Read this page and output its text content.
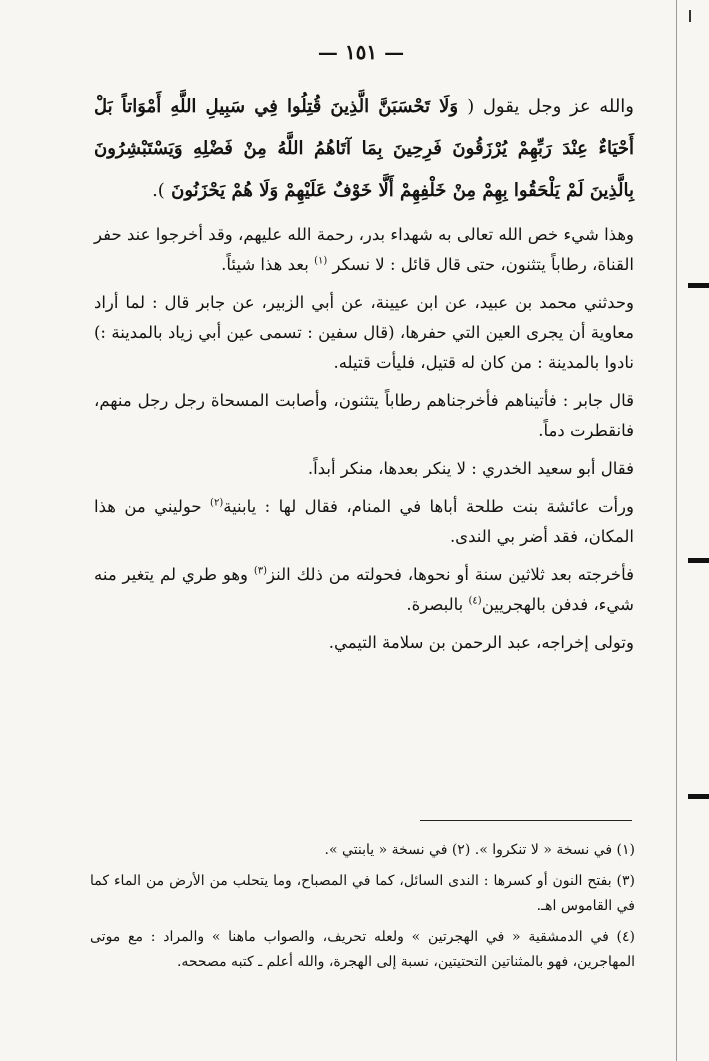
— ١٥١ —

والله عز وجل يقول ( وَلَا تَحْسَبَنَّ الَّذِينَ قُتِلُوا فِي سَبِيلِ اللَّهِ أَمْوَاتاً بَلْ أَحْيَاءٌ عِنْدَ رَبِّهِمْ يُرْزَقُونَ فَرِحِينَ بِمَا آتَاهُمُ اللَّهُ مِنْ فَضْلِهِ وَيَسْتَبْشِرُونَ بِالَّذِينَ لَمْ يَلْحَقُوا بِهِمْ مِنْ خَلْفِهِمْ أَلَّا خَوْفٌ عَلَيْهِمْ وَلَا هُمْ يَحْزَنُونَ ).

وهذا شيء خص الله تعالى به شهداء بدر، رحمة الله عليهم، وقد أخرجوا عند حفر القناة، رطاباً يتثنون، حتى قال قائل : لا نسكر $^{(١)}$ بعد هذا شيئاً.

وحدثني محمد بن عبيد، عن ابن عيينة، عن أبي الزبير، عن جابر قال : لما أراد معاوية أن يجرى العين التي حفرها، (قال سفين : تسمى عين أبي زياد بالمدينة :) نادوا بالمدينة : من كان له قتيل، فليأت قتيله.

قال جابر : فأتيناهم فأخرجناهم رطاباً يتثنون، وأصابت المسحاة رجل رجل منهم، فانقطرت دماً.

فقال أبو سعيد الخدري : لا ينكر بعدها، منكر أبداً.

ورأت عائشة بنت طلحة أباها في المنام، فقال لها : يابنية$^{(٢)}$ حوليني من هذا المكان، فقد أضر بي الندى.

فأخرجته بعد ثلاثين سنة أو نحوها، فحولته من ذلك النز$^{(٣)}$ وهو طري لم يتغير منه شيء، فدفن بالهجريين$^{(٤)}$ بالبصرة.

وتولى إخراجه، عبد الرحمن بن سلامة التيمي.

(١) في نسخة « لا تنكروا ». (٢) في نسخة « يابنتي ».

(٣) بفتح النون أو كسرها : الندى السائل، كما في المصباح، وما يتحلب من الأرض من الماء كما في القاموس اهـ.

(٤) في الدمشقية « في الهجرتين » ولعله تحريف، والصواب ماهنا » والمراد : مع موتى المهاجرين، فهو بالمثناتين التحتيتين، نسبة إلى الهجرة، والله أعلم ـ كتبه مصححه.
